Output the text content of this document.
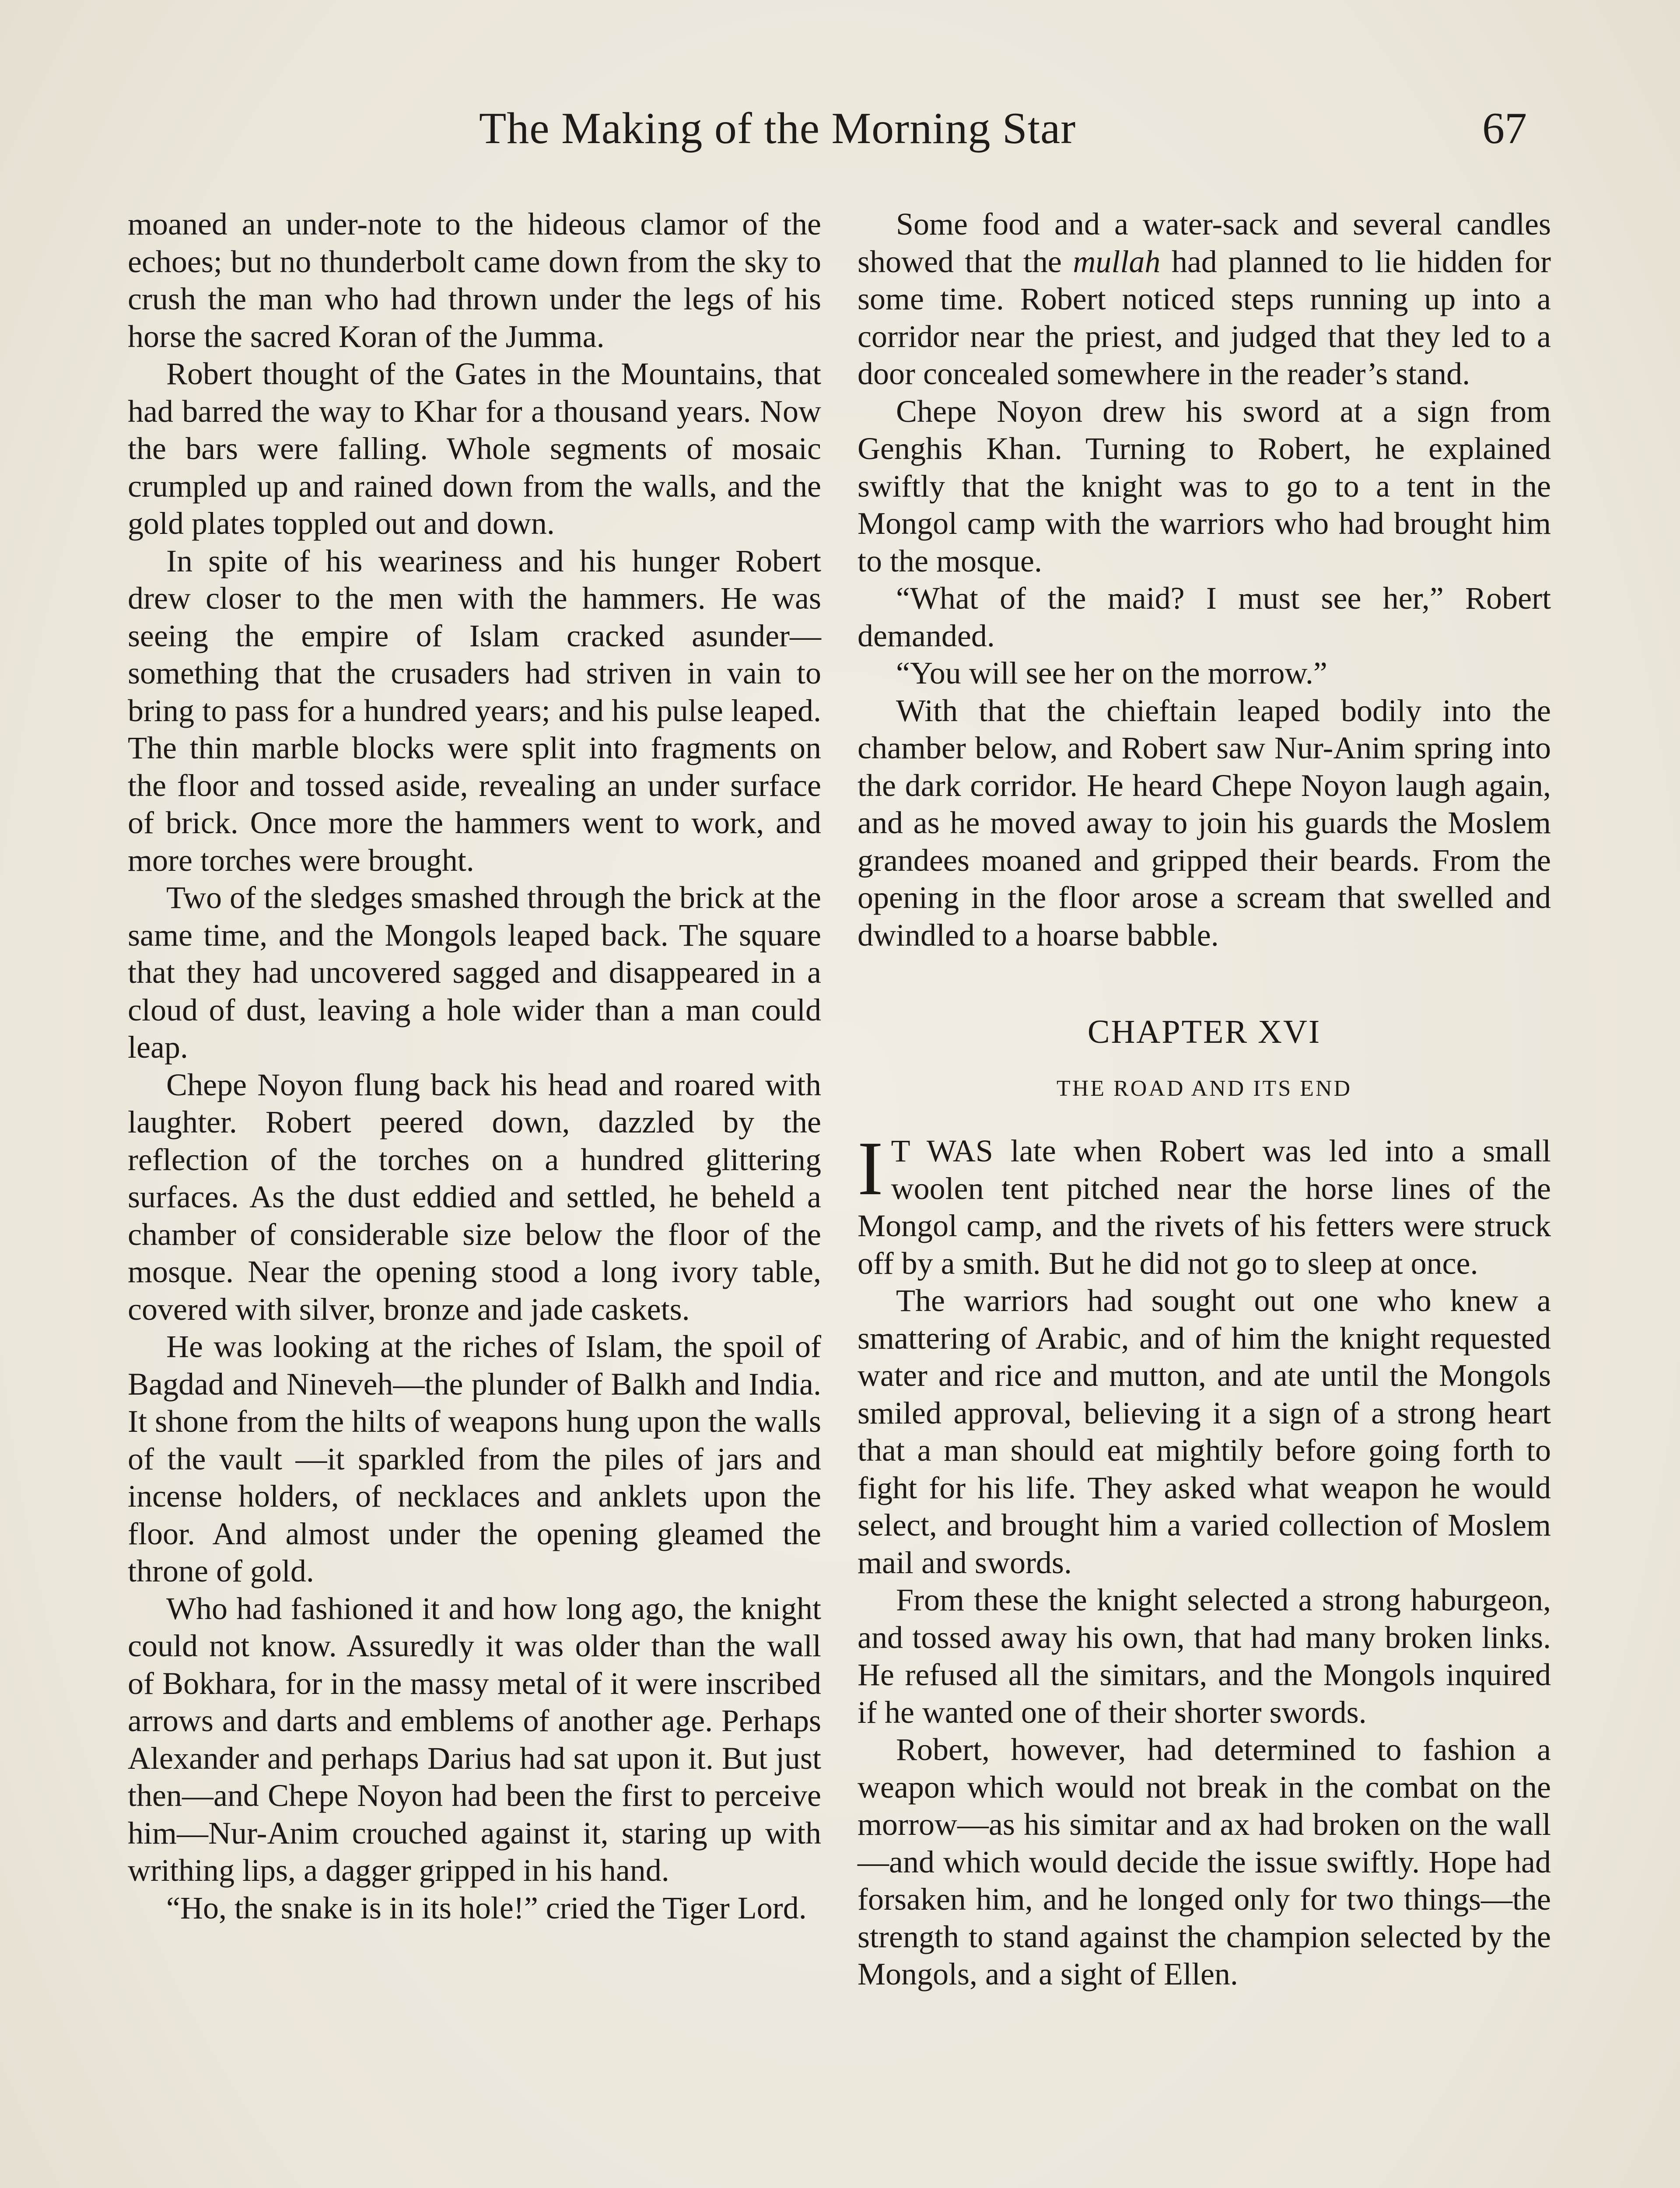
The Making of the Morning Star	67

moaned an under-note to the hideous clamor of the echoes; but no thunderbolt came down from the sky to crush the man who had thrown under the legs of his horse the sacred Koran of the Jumma.

Robert thought of the Gates in the Mountains, that had barred the way to Khar for a thousand years. Now the bars were falling. Whole segments of mosaic crumpled up and rained down from the walls, and the gold plates toppled out and down.

In spite of his weariness and his hunger Robert drew closer to the men with the hammers. He was seeing the empire of Islam cracked asunder—something that the crusaders had striven in vain to bring to pass for a hundred years; and his pulse leaped. The thin marble blocks were split into fragments on the floor and tossed aside, revealing an under surface of brick. Once more the hammers went to work, and more torches were brought.

Two of the sledges smashed through the brick at the same time, and the Mongols leaped back. The square that they had uncovered sagged and disappeared in a cloud of dust, leaving a hole wider than a man could leap.

Chepe Noyon flung back his head and roared with laughter. Robert peered down, dazzled by the reflection of the torches on a hundred glittering surfaces. As the dust eddied and settled, he beheld a chamber of considerable size below the floor of the mosque. Near the opening stood a long ivory table, covered with silver, bronze and jade caskets.

He was looking at the riches of Islam, the spoil of Bagdad and Nineveh—the plunder of Balkh and India. It shone from the hilts of weapons hung upon the walls of the vault —it sparkled from the piles of jars and incense holders, of necklaces and anklets upon the floor. And almost under the opening gleamed the throne of gold.

Who had fashioned it and how long ago, the knight could not know. Assuredly it was older than the wall of Bokhara, for in the massy metal of it were inscribed arrows and darts and emblems of another age. Perhaps Alexander and perhaps Darius had sat upon it. But just then—and Chepe Noyon had been the first to perceive him—Nur-Anim crouched against it, staring up with writhing lips, a dagger gripped in his hand.

“Ho, the snake is in its hole!” cried the Tiger Lord.

Some food and a water-sack and several candles showed that the mullah had planned to lie hidden for some time. Robert noticed steps running up into a corridor near the priest, and judged that they led to a door concealed somewhere in the reader’s stand.

Chepe Noyon drew his sword at a sign from Genghis Khan. Turning to Robert, he explained swiftly that the knight was to go to a tent in the Mongol camp with the warriors who had brought him to the mosque.

“What of the maid? I must see her,” Robert demanded.

“You will see her on the morrow.”

With that the chieftain leaped bodily into the chamber below, and Robert saw Nur-Anim spring into the dark corridor. He heard Chepe Noyon laugh again, and as he moved away to join his guards the Moslem grandees moaned and gripped their beards. From the opening in the floor arose a scream that swelled and dwindled to a hoarse babble.

CHAPTER XVI
THE ROAD AND ITS END

I T WAS late when Robert was led into a small woolen tent pitched near the horse lines of the Mongol camp, and the rivets of his fetters were struck off by a smith. But he did not go to sleep at once.

The warriors had sought out one who knew a smattering of Arabic, and of him the knight requested water and rice and mutton, and ate until the Mongols smiled approval, believing it a sign of a strong heart that a man should eat mightily before going forth to fight for his life. They asked what weapon he would select, and brought him a varied collection of Moslem mail and swords.

From these the knight selected a strong haburgeon, and tossed away his own, that had many broken links. He refused all the simitars, and the Mongols inquired if he wanted one of their shorter swords.

Robert, however, had determined to fashion a weapon which would not break in the combat on the morrow—as his simitar and ax had broken on the wall—and which would decide the issue swiftly. Hope had forsaken him, and he longed only for two things—the strength to stand against the champion selected by the Mongols, and a sight of Ellen.
